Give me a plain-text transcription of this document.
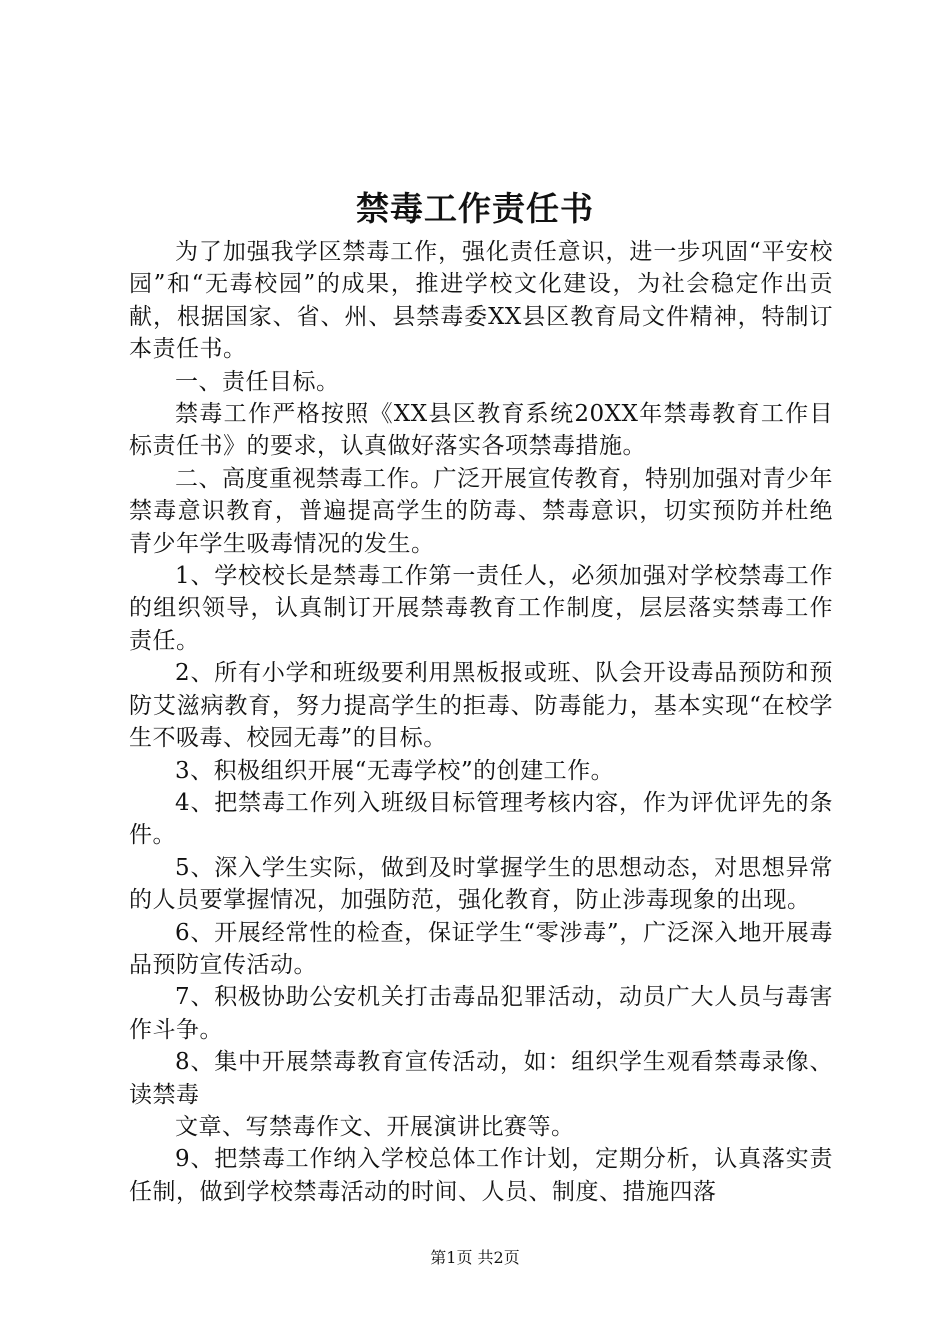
禁毒工作责任书

为了加强我学区禁毒工作，强化责任意识，进一步巩固“平安校园”和“无毒校园”的成果，推进学校文化建设，为社会稳定作出贡献，根据国家、省、州、县禁毒委XX县区教育局文件精神，特制订本责任书。

一、责任目标。

禁毒工作严格按照《XX县区教育系统20XX年禁毒教育工作目标责任书》的要求，认真做好落实各项禁毒措施。

二、高度重视禁毒工作。广泛开展宣传教育，特别加强对青少年禁毒意识教育，普遍提高学生的防毒、禁毒意识，切实预防并杜绝青少年学生吸毒情况的发生。

1、学校校长是禁毒工作第一责任人，必须加强对学校禁毒工作的组织领导，认真制订开展禁毒教育工作制度，层层落实禁毒工作责任。

2、所有小学和班级要利用黑板报或班、队会开设毒品预防和预防艾滋病教育，努力提高学生的拒毒、防毒能力，基本实现“在校学生不吸毒、校园无毒”的目标。

3、积极组织开展“无毒学校”的创建工作。

4、把禁毒工作列入班级目标管理考核内容，作为评优评先的条件。

5、深入学生实际，做到及时掌握学生的思想动态，对思想异常的人员要掌握情况，加强防范，强化教育，防止涉毒现象的出现。

6、开展经常性的检查，保证学生“零涉毒”，广泛深入地开展毒品预防宣传活动。

7、积极协助公安机关打击毒品犯罪活动，动员广大人员与毒害作斗争。

8、集中开展禁毒教育宣传活动，如：组织学生观看禁毒录像、读禁毒

文章、写禁毒作文、开展演讲比赛等。

9、把禁毒工作纳入学校总体工作计划，定期分析，认真落实责任制，做到学校禁毒活动的时间、人员、制度、措施四落

第1页 共2页
